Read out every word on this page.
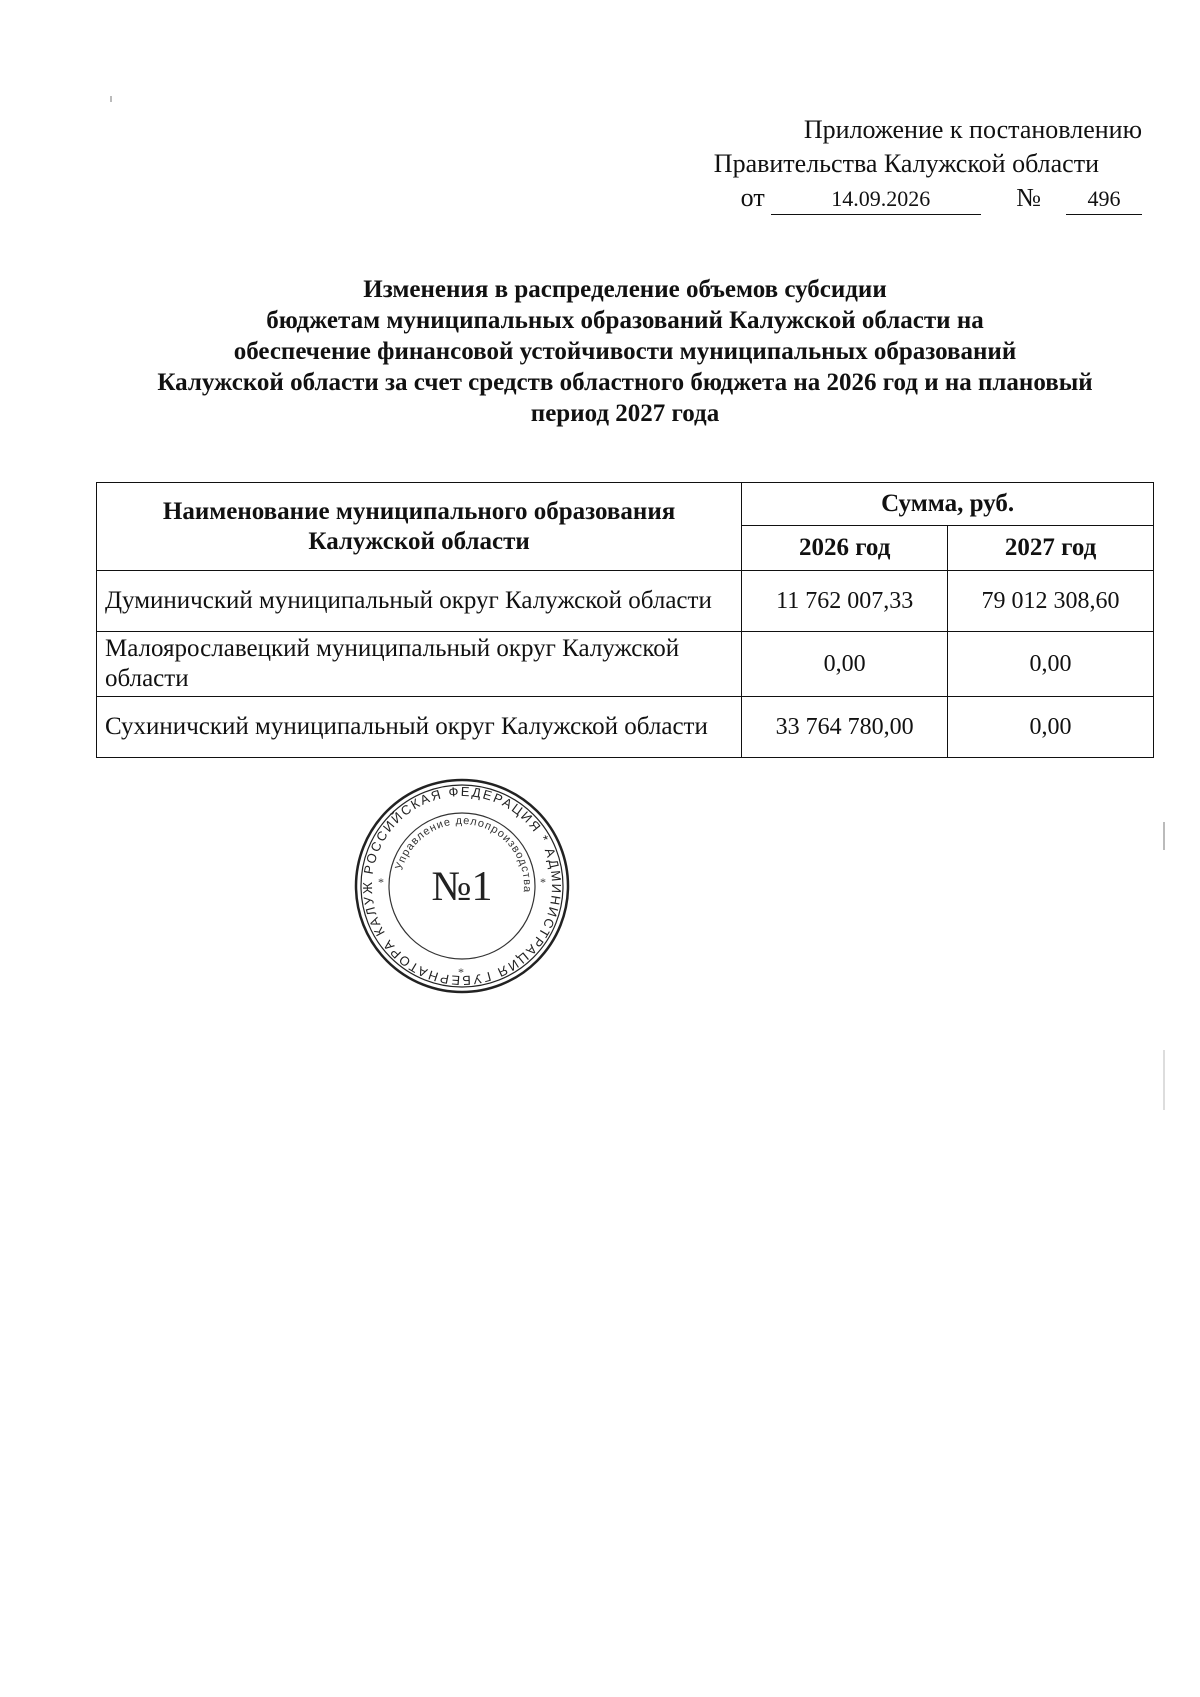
Приложение к постановлению
Правительства Калужской области
от	14.09.2026	№ 496
Изменения в распределение объемов субсидии
бюджетам муниципальных образований Калужской области на
обеспечение финансовой устойчивости муниципальных образований
Калужской области за счет средств областного бюджета на 2026 год и на плановый
период 2027 года
Наименование муниципального образования Калужской области	Сумма, руб.	
	2026 год	2027 год
Думиничский муниципальный округ Калужской области	11 762 007,33	79 012 308,60
Малоярославецкий муниципальный округ Калужской области	0,00	0,00
Сухиничский муниципальный округ Калужской области	33 764 780,00	0,00
РОССИЙСКАЯ ФЕДЕРАЦИЯ * АДМИНИСТРАЦИЯ ГУБЕРНАТОРА КАЛУЖ
Управление делопроизводства
№1
*	*
*
